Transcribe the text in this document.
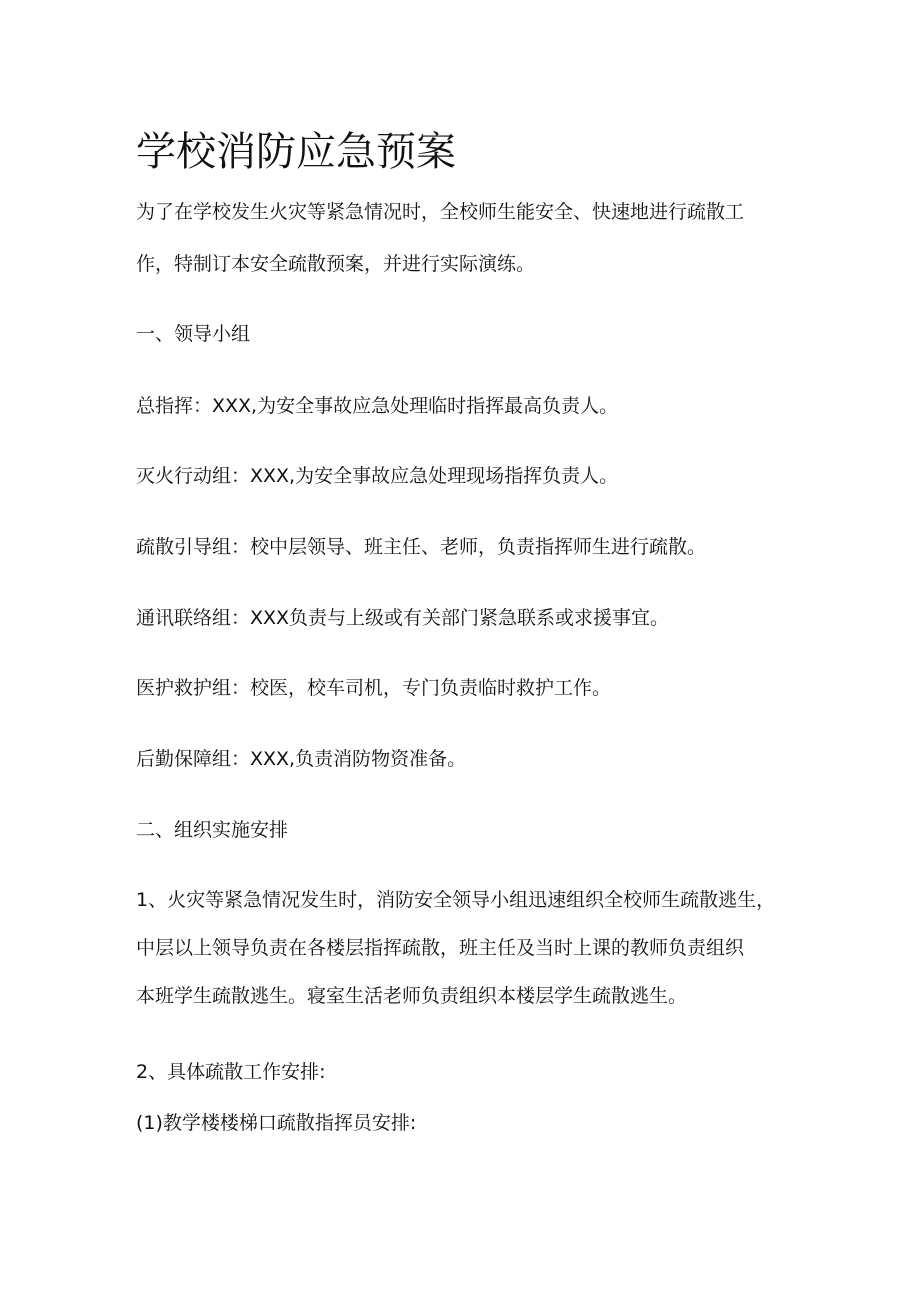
学校消防应急预案
为了在学校发生火灾等紧急情况时，全校师生能安全、快速地进行疏散工
作，特制订本安全疏散预案，并进行实际演练。
一、领导小组
总指挥：XXX,为安全事故应急处理临时指挥最高负责人。
灭火行动组：XXX,为安全事故应急处理现场指挥负责人。
疏散引导组：校中层领导、班主任、老师，负责指挥师生进行疏散。
通讯联络组：XXX负责与上级或有关部门紧急联系或求援事宜。
医护救护组：校医，校车司机，专门负责临时救护工作。
后勤保障组：XXX,负责消防物资准备。
二、组织实施安排
1、火灾等紧急情况发生时，消防安全领导小组迅速组织全校师生疏散逃生，
中层以上领导负责在各楼层指挥疏散，班主任及当时上课的教师负责组织
本班学生疏散逃生。寝室生活老师负责组织本楼层学生疏散逃生。
2、具体疏散工作安排:
(1)教学楼楼梯口疏散指挥员安排:
